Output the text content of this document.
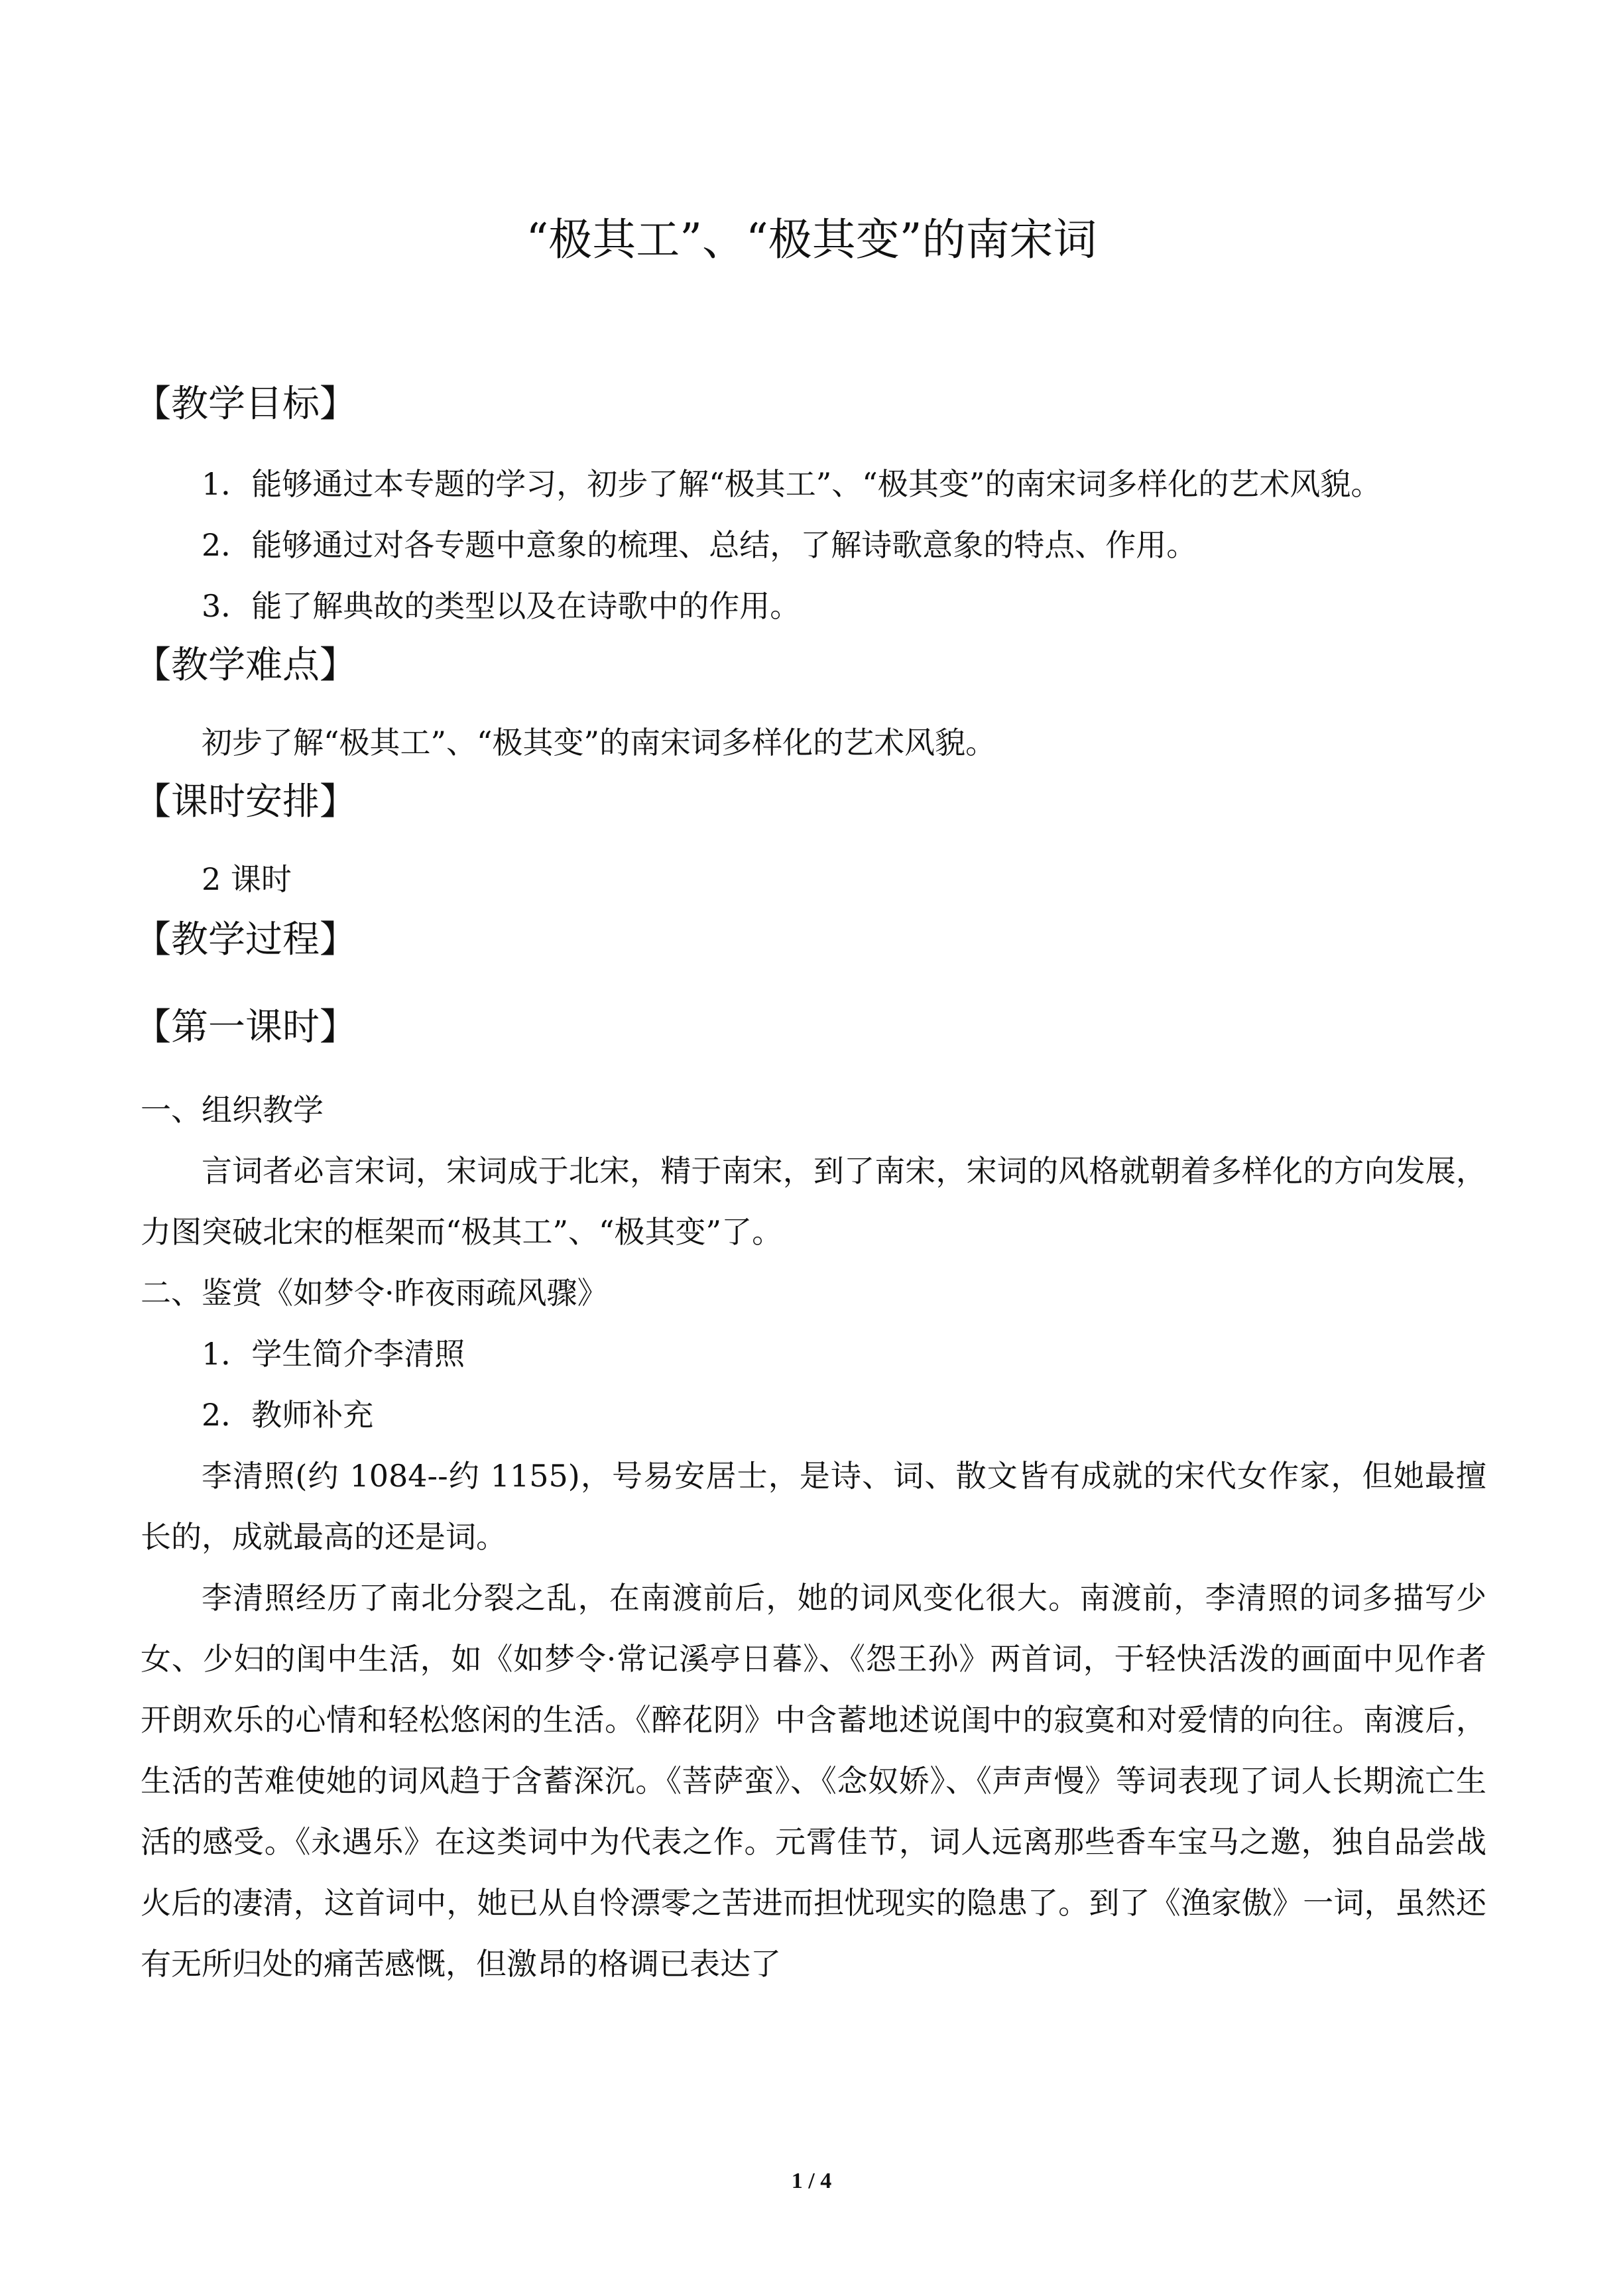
“极其工”、“极其变”的南宋词
【教学目标】

1．能够通过本专题的学习，初步了解“极其工”、“极其变”的南宋词多样化的艺术风貌。

2．能够通过对各专题中意象的梳理、总结，了解诗歌意象的特点、作用。

3．能了解典故的类型以及在诗歌中的作用。

【教学难点】

初步了解“极其工”、“极其变”的南宋词多样化的艺术风貌。

【课时安排】

2 课时

【教学过程】
【第一课时】

一、组织教学

言词者必言宋词，宋词成于北宋，精于南宋，到了南宋，宋词的风格就朝着多样化的方向发展，力图突破北宋的框架而“极其工”、“极其变”了。

二、鉴赏《如梦令·昨夜雨疏风骤》

1．学生简介李清照

2．教师补充

李清照(约 1084--约 1155)，号易安居士，是诗、词、散文皆有成就的宋代女作家，但她最擅长的，成就最高的还是词。

李清照经历了南北分裂之乱，在南渡前后，她的词风变化很大。南渡前，李清照的词多描写少女、少妇的闺中生活，如《如梦令·常记溪亭日暮》、《怨王孙》两首词，于轻快活泼的画面中见作者开朗欢乐的心情和轻松悠闲的生活。《醉花阴》中含蓄地述说闺中的寂寞和对爱情的向往。南渡后，生活的苦难使她的词风趋于含蓄深沉。《菩萨蛮》、《念奴娇》、《声声慢》等词表现了词人长期流亡生活的感受。《永遇乐》在这类词中为代表之作。元霄佳节，词人远离那些香车宝马之邀，独自品尝战火后的凄清，这首词中，她已从自怜漂零之苦进而担忧现实的隐患了。到了《渔家傲》一词，虽然还有无所归处的痛苦感慨，但激昂的格调已表达了

1 / 4
